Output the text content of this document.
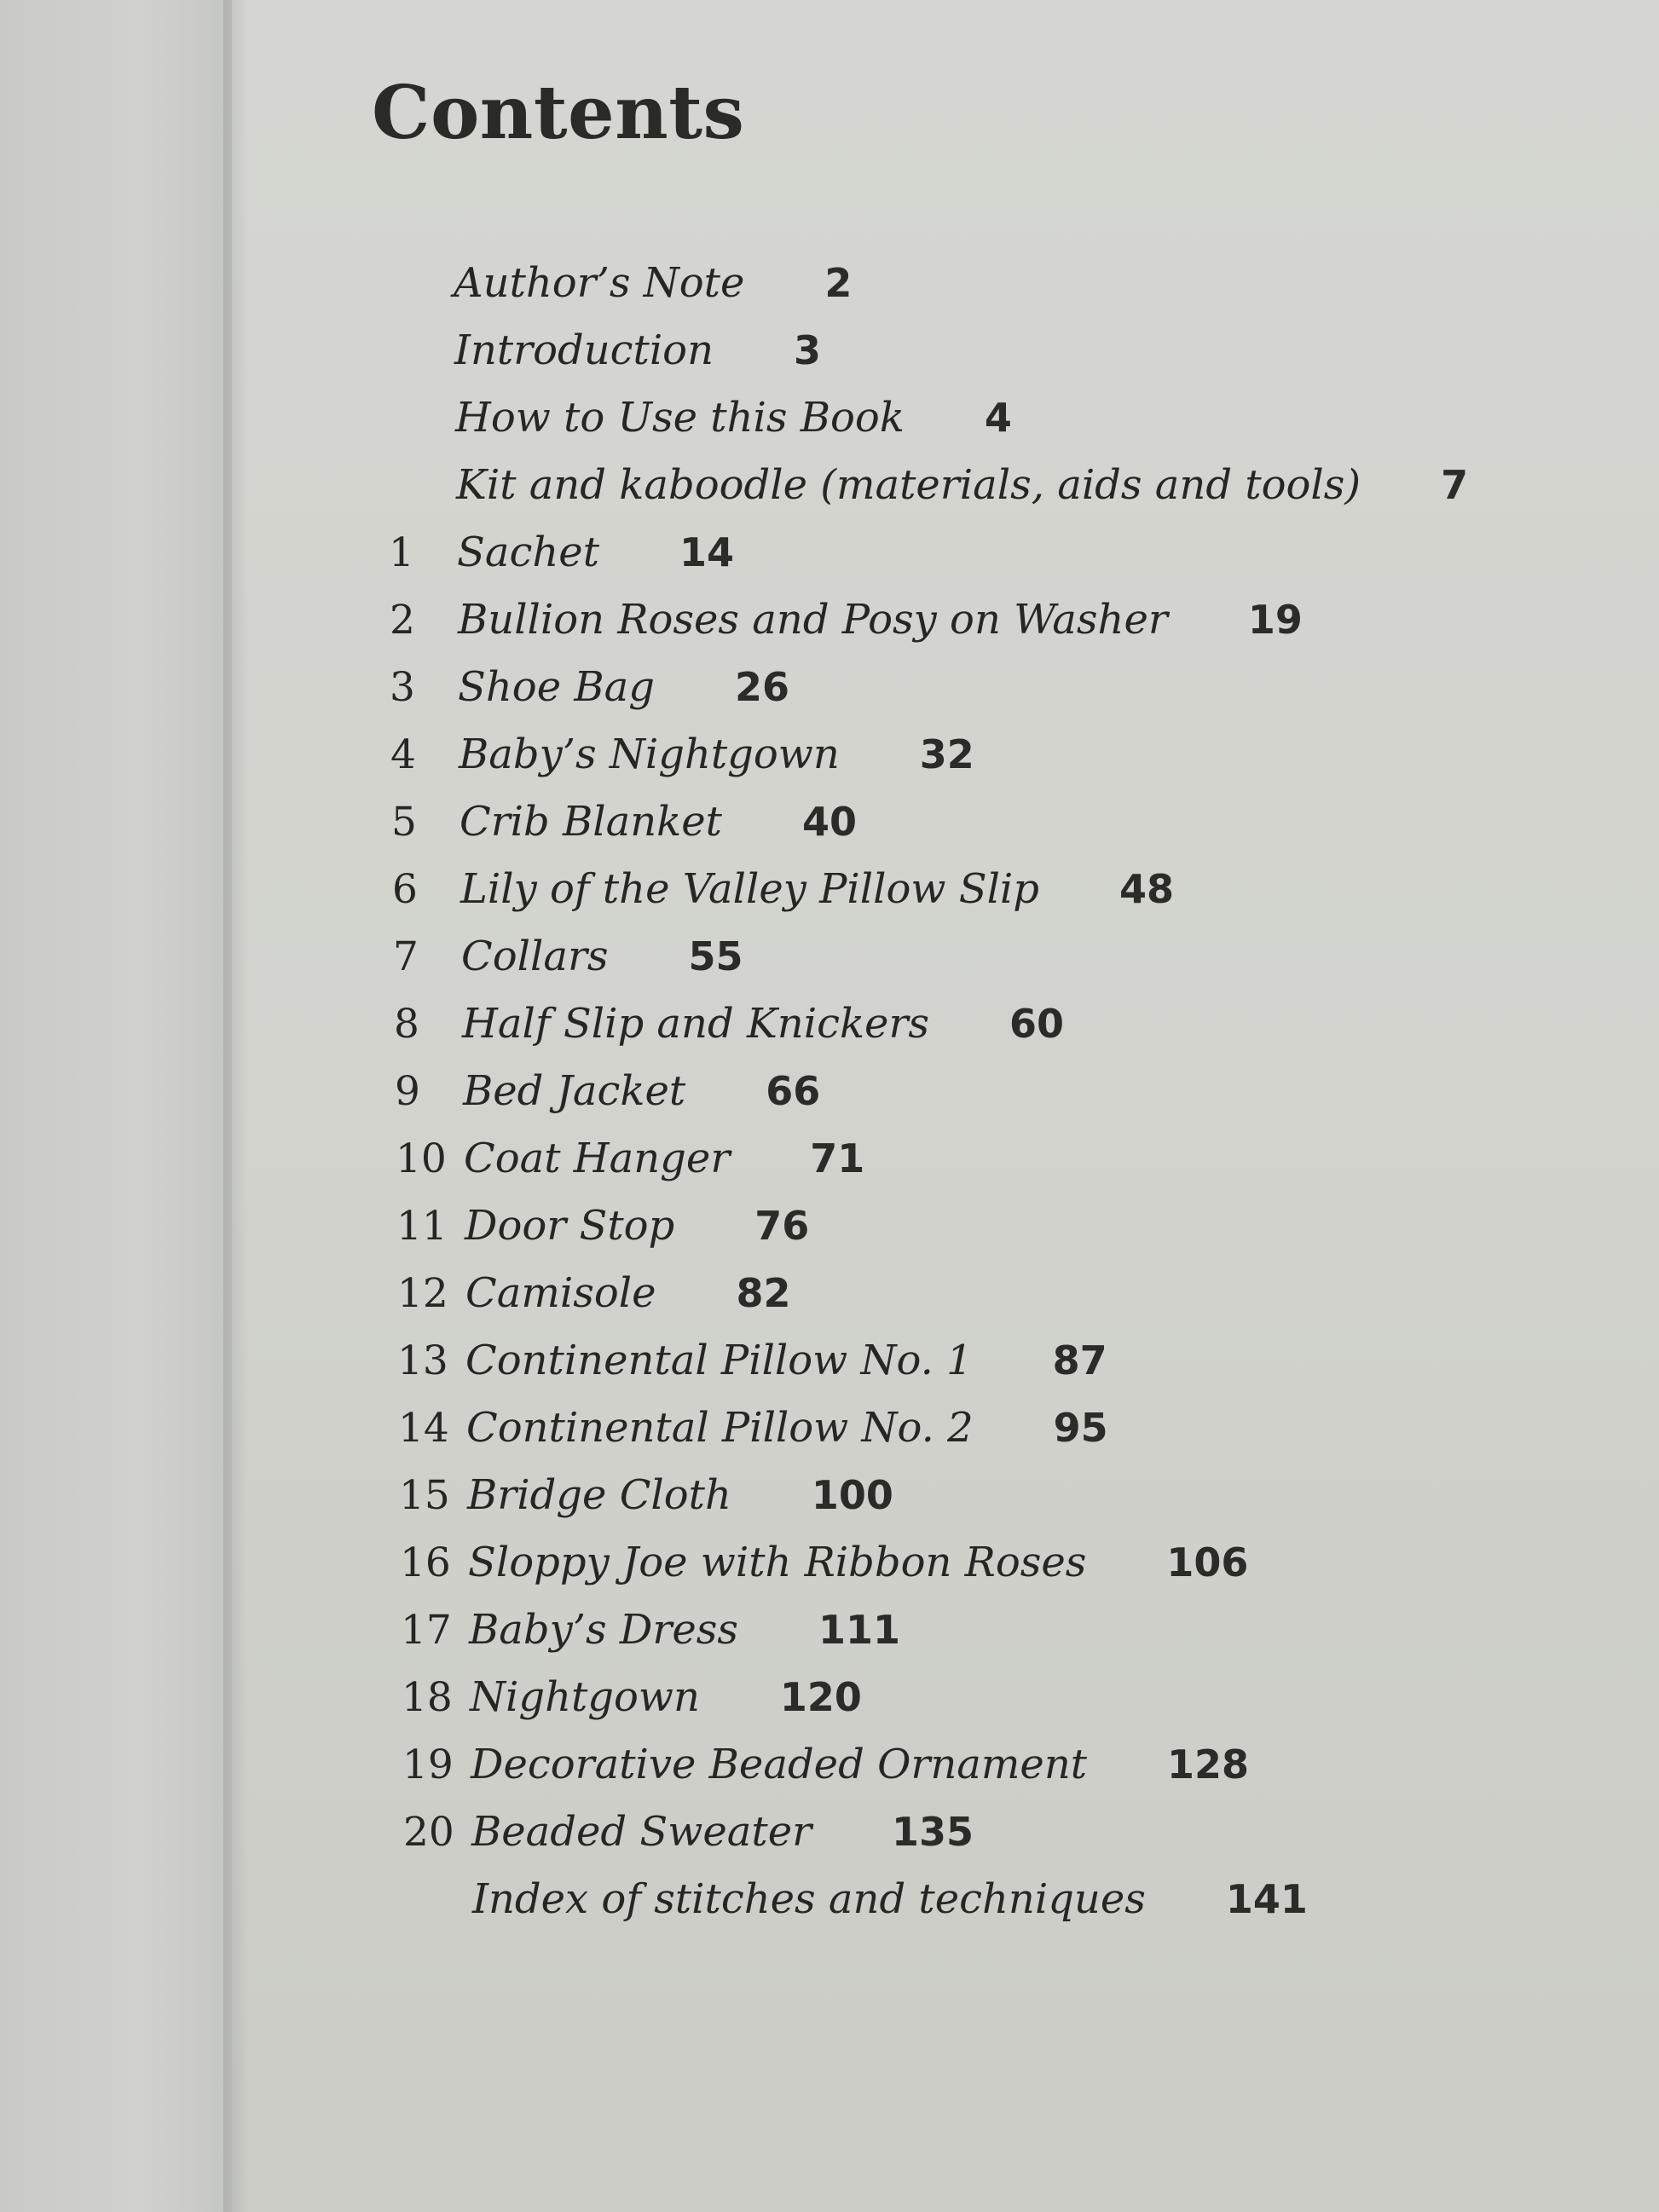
Contents
Author’s Note 2
Introduction 3
How to Use this Book 4
Kit and kaboodle (materials, aids and tools) 7
1	Sachet 14
2	Bullion Roses and Posy on Washer 19
3	Shoe Bag 26
4	Baby’s Nightgown 32
5	Crib Blanket 40
6	Lily of the Valley Pillow Slip 48
7	Collars 55
8	Half Slip and Knickers 60
9	Bed Jacket 66
10 Coat Hanger 71
11 Door Stop 76
12 Camisole 82
13 Continental Pillow No. 1 87
14 Continental Pillow No. 2 95
15 Bridge Cloth 100
16 Sloppy Joe with Ribbon Roses 106
17 Baby’s Dress 111
18 Nightgown 120
19 Decorative Beaded Ornament 128
20 Beaded Sweater 135
Index of stitches and techniques 141
